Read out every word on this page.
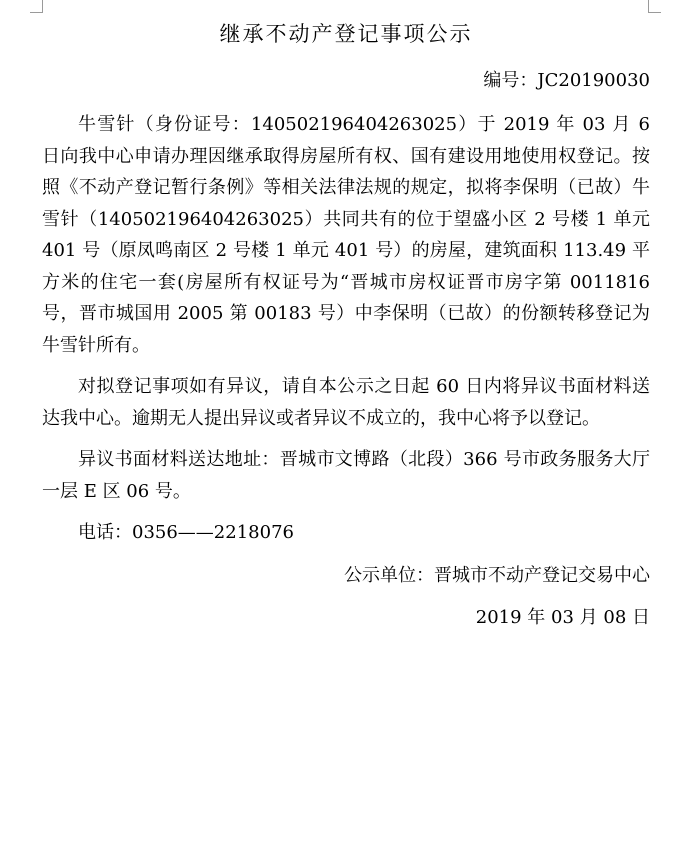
继承不动产登记事项公示
编号：JC20190030

牛雪针（身份证号：140502196404263025）于 2019 年 03 月 6 日向我中心申请办理因继承取得房屋所有权、国有建设用地使用权登记。按照《不动产登记暂行条例》等相关法律法规的规定，拟将李保明（已故）牛雪针（140502196404263025）共同共有的位于望盛小区 2 号楼 1 单元 401 号（原凤鸣南区 2 号楼 1 单元 401 号）的房屋，建筑面积 113.49 平方米的住宅一套(房屋所有权证号为“晋城市房权证晋市房字第 0011816 号，晋市城国用 2005 第 00183 号）中李保明（已故）的份额转移登记为牛雪针所有。

对拟登记事项如有异议，请自本公示之日起 60 日内将异议书面材料送达我中心。逾期无人提出异议或者异议不成立的，我中心将予以登记。

异议书面材料送达地址：晋城市文博路（北段）366 号市政务服务大厅一层 E 区 06 号。

电话：0356——2218076

公示单位：晋城市不动产登记交易中心

2019 年 03 月 08 日
